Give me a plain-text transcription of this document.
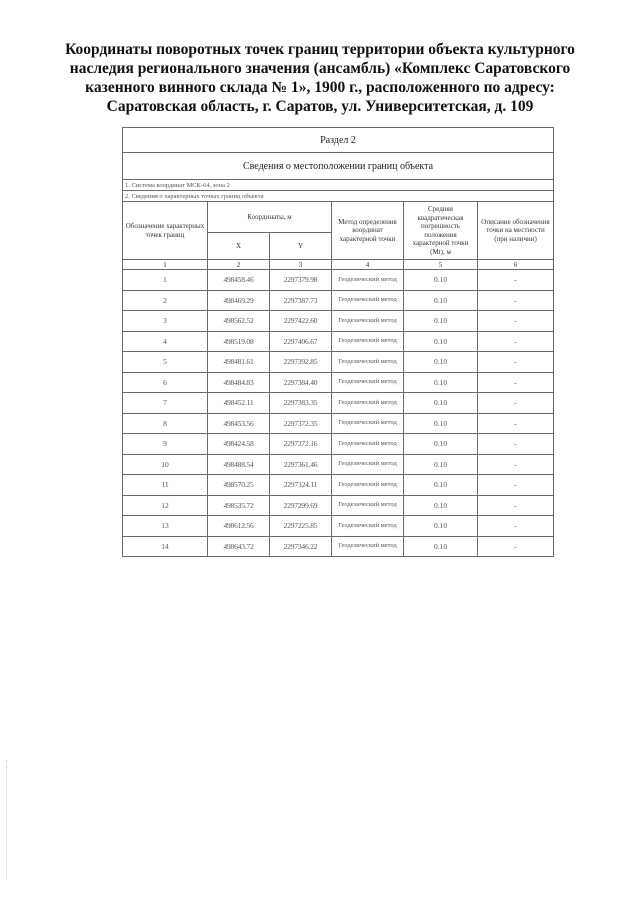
Координаты поворотных точек границ территории объекта культурного
наследия регионального значения (ансамбль) «Комплекс Саратовского
казенного винного склада № 1», 1900 г., расположенного по адресу:
Саратовская область, г. Саратов, ул. Университетская, д. 109
Раздел 2					
Сведения о местоположении границ объекта					
1. Система координат МСК-64, зона 2					
2. Сведения о характерных точках границ объекта					
Обозначение характерных точек границ	Координаты, м		Метод определения координат характерной точки	Средняя квадратическая погрешность положения характерной точки (Mt), м	Описание обозначения точки на местности (при наличии)
	X	Y			
1	2	3	4	5	6
1	498458.46	2297379.98	Геодезический метод	0.10	-
2	498469.29	2297387.73	Геодезический метод	0.10	-
3	498562.52	2297422.60	Геодезический метод	0.10	-
4	498519.08	2297406.67	Геодезический метод	0.10	-
5	498481.61	2297392.85	Геодезический метод	0.10	-
6	498484.83	2297384.40	Геодезический метод	0.10	-
7	498452.11	2297383.35	Геодезический метод	0.10	-
8	498453.56	2297372.35	Геодезический метод	0.10	-
9	498424.58	2297372.16	Геодезический метод	0.10	-
10	498488.54	2297361.46	Геодезический метод	0.10	-
11	498570.25	2297324.11	Геодезический метод	0.10	-
12	498535.72	2297299.69	Геодезический метод	0.10	-
13	498612.56	2297225.85	Геодезический метод	0.10	-
14	498643.72	2297346.22	Геодезический метод	0.10	-
